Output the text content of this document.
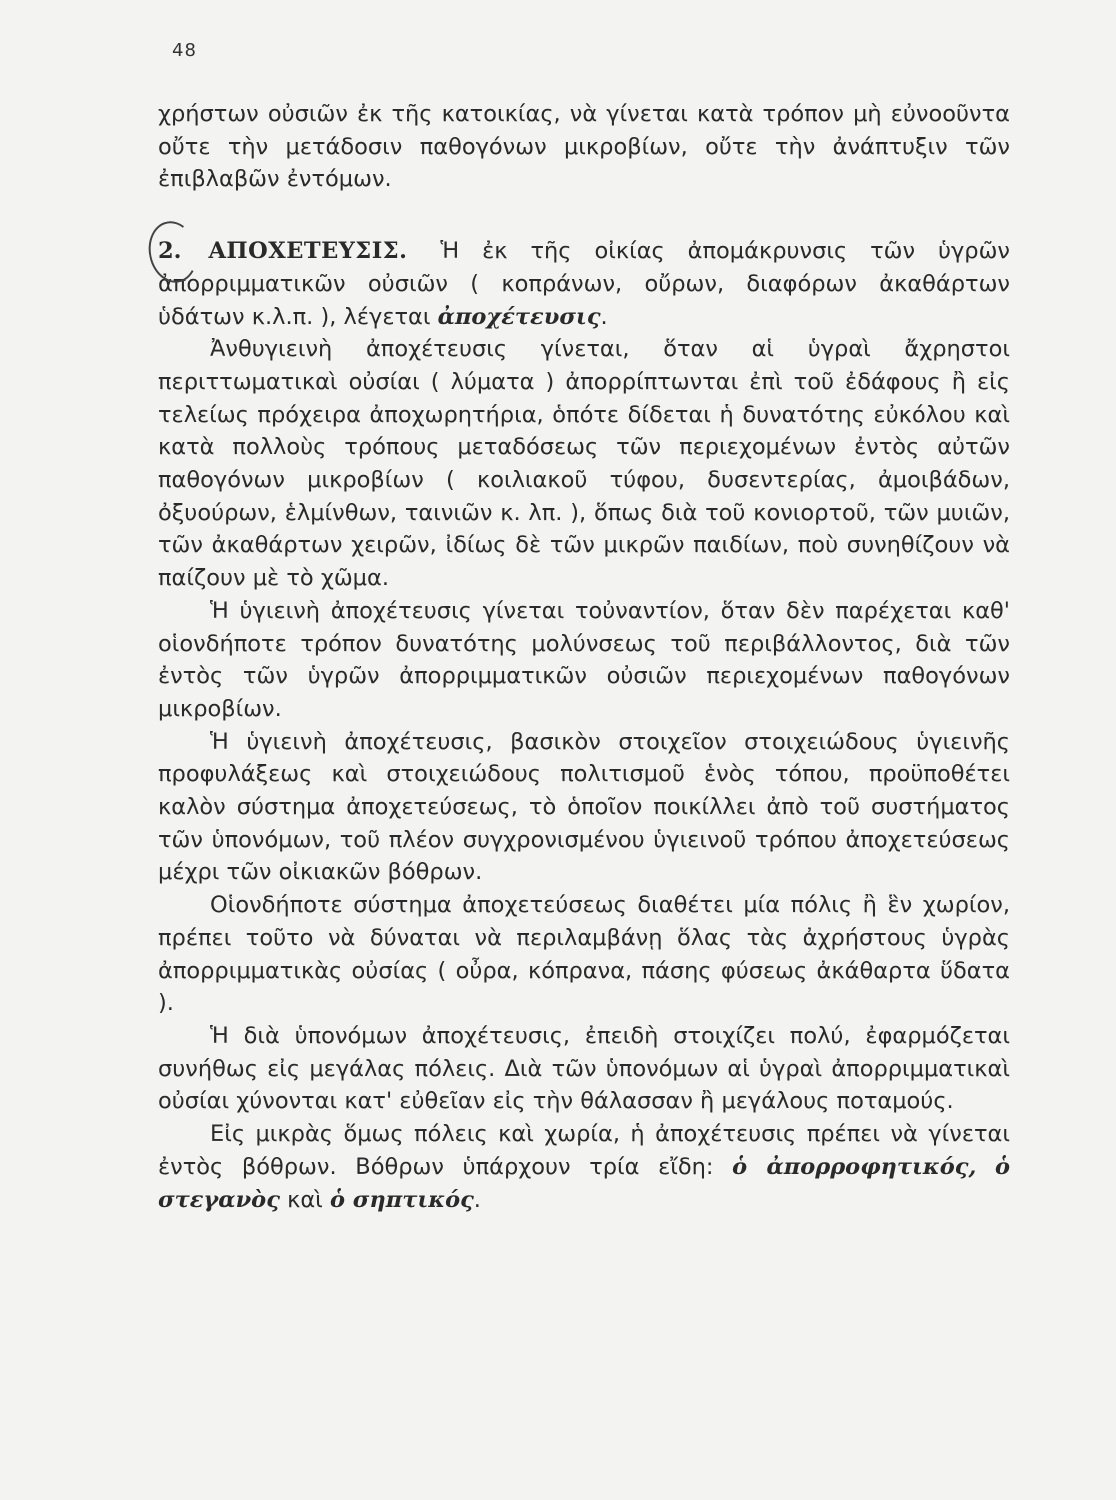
48

χρήστων οὐσιῶν ἐκ τῆς κατοικίας, νὰ γίνεται κατὰ τρόπον μὴ εὐνοοῦντα οὔτε τὴν μετάδοσιν παθογόνων μικροβίων, οὔτε τὴν ἀνάπτυξιν τῶν ἐπιβλαβῶν ἐντόμων.

2. ΑΠΟΧΕΤΕΥΣΙΣ. Ἡ ἐκ τῆς οἰκίας ἀπομάκρυνσις τῶν ὑγρῶν ἀπορριμματικῶν οὐσιῶν ( κοπράνων, οὔρων, διαφόρων ἀκαθάρτων ὑδάτων κ.λ.π. ), λέγεται ἀποχέτευσις.

Ἀνθυγιεινὴ ἀποχέτευσις γίνεται, ὅταν αἱ ὑγραὶ ἄχρηστοι περιττωματικαὶ οὐσίαι ( λύματα ) ἀπορρίπτωνται ἐπὶ τοῦ ἐδάφους ἢ εἰς τελείως πρόχειρα ἀποχωρητήρια, ὁπότε δίδεται ἡ δυνατότης εὐκόλου καὶ κατὰ πολλοὺς τρόπους μεταδόσεως τῶν περιεχομένων ἐντὸς αὐτῶν παθογόνων μικροβίων ( κοιλιακοῦ τύφου, δυσεντερίας, ἀμοιβάδων, ὀξυούρων, ἑλμίνθων, ταινιῶν κ. λπ. ), ὅπως διὰ τοῦ κονιορτοῦ, τῶν μυιῶν, τῶν ἀκαθάρτων χειρῶν, ἰδίως δὲ τῶν μικρῶν παιδίων, ποὺ συνηθίζουν νὰ παίζουν μὲ τὸ χῶμα.

Ἡ ὑγιεινὴ ἀποχέτευσις γίνεται τοὐναντίον, ὅταν δὲν παρέχεται καθ' οἱονδήποτε τρόπον δυνατότης μολύνσεως τοῦ περιβάλλοντος, διὰ τῶν ἐντὸς τῶν ὑγρῶν ἀπορριμματικῶν οὐσιῶν περιεχομένων παθογόνων μικροβίων.

Ἡ ὑγιεινὴ ἀποχέτευσις, βασικὸν στοιχεῖον στοιχειώδους ὑγιεινῆς προφυλάξεως καὶ στοιχειώδους πολιτισμοῦ ἑνὸς τόπου, προϋποθέτει καλὸν σύστημα ἀποχετεύσεως, τὸ ὁποῖον ποικίλλει ἀπὸ τοῦ συστήματος τῶν ὑπονόμων, τοῦ πλέον συγχρονισμένου ὑγιεινοῦ τρόπου ἀποχετεύσεως μέχρι τῶν οἰκιακῶν βόθρων.

Οἱονδήποτε σύστημα ἀποχετεύσεως διαθέτει μία πόλις ἢ ἓν χωρίον, πρέπει τοῦτο νὰ δύναται νὰ περιλαμβάνῃ ὅλας τὰς ἀχρήστους ὑγρὰς ἀπορριμματικὰς οὐσίας ( οὖρα, κόπρανα, πάσης φύσεως ἀκάθαρτα ὕδατα ).

Ἡ διὰ ὑπονόμων ἀποχέτευσις, ἐπειδὴ στοιχίζει πολύ, ἐφαρμόζεται συνήθως εἰς μεγάλας πόλεις. Διὰ τῶν ὑπονόμων αἱ ὑγραὶ ἀπορριμματικαὶ οὐσίαι χύνονται κατ' εὐθεῖαν εἰς τὴν θάλασσαν ἢ μεγάλους ποταμούς.

Εἰς μικρὰς ὅμως πόλεις καὶ χωρία, ἡ ἀποχέτευσις πρέπει νὰ γίνεται ἐντὸς βόθρων. Βόθρων ὑπάρχουν τρία εἴδη: ὁ ἀπορροφητικός, ὁ στεγανὸς καὶ ὁ σηπτικός.
